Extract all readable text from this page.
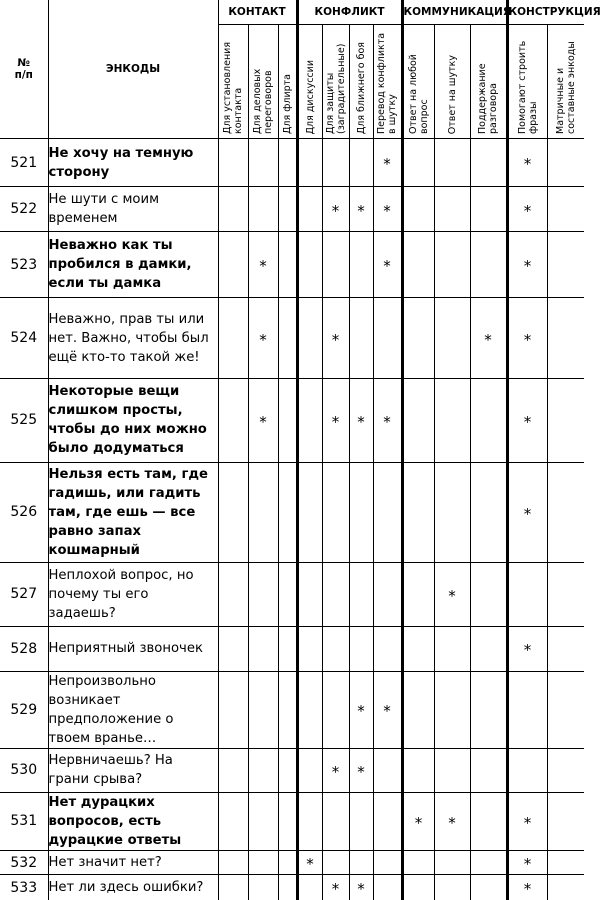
№ п/п	ЭНКОДЫ	КОНТАКТ			КОНФЛИКТ				КОММУНИКАЦИЯ			КОНСТРУКЦИЯ	

		Для установления контакта	Для деловых переговоров	Для флирта	Для дискуссии	Для защиты (заградительные)	Для ближнего боя	Перевод конфликта в шутку	Ответ на любой вопрос	Ответ на шутку	Поддержание разговора	Помогают строить фразы	Матричные и составные энкоды

521	Не хочу на темную сторону							*				*	
522	Не шути с моим временем					*	*	*				*	
523	Неважно как ты пробился в дамки, если ты дамка		*					*				*	
524	Неважно, прав ты или нет. Важно, чтобы был ещё кто-то такой же!		*			*					*	*	
525	Некоторые вещи слишком просты, чтобы до них можно было додуматься		*			*	*	*				*	
526	Нельзя есть там, где гадишь, или гадить там, где ешь — все равно запах кошмарный											*	
527	Неплохой вопрос, но почему ты его задаешь?									*			
528	Неприятный звоночек											*	
529	Непроизвольно возникает предположение о твоем вранье…						*	*					
530	Нервничаешь? На грани срыва?					*	*						
531	Нет дурацких вопросов, есть дурацкие ответы								*	*		*	
532	Нет значит нет?				*							*	
533	Нет ли здесь ошибки?					*	*					*	
